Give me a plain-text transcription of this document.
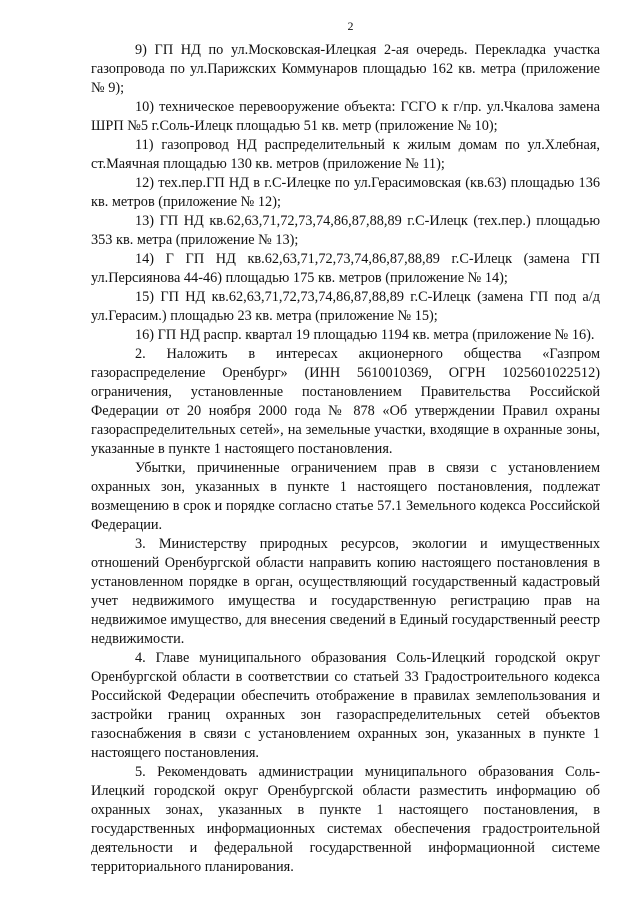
2

9) ГП НД по ул.Московская-Илецкая 2-ая очередь. Перекладка участка газопровода по ул.Парижских Коммунаров площадью 162 кв. метра (приложение № 9);

10) техническое перевооружение объекта: ГСГО к г/пр. ул.Чкалова замена ШРП №5 г.Соль-Илецк площадью 51 кв. метр (приложение № 10);

11) газопровод НД распределительный к жилым домам по ул.Хлебная, ст.Маячная площадью 130 кв. метров (приложение № 11);

12) тех.пер.ГП НД в г.С-Илецке по ул.Герасимовская (кв.63) площадью 136 кв. метров (приложение № 12);

13) ГП НД кв.62,63,71,72,73,74,86,87,88,89 г.С-Илецк (тех.пер.) площадью 353 кв. метра (приложение № 13);

14) Г ГП НД кв.62,63,71,72,73,74,86,87,88,89 г.С-Илецк (замена ГП ул.Персиянова 44-46) площадью 175 кв. метров (приложение № 14);

15) ГП НД кв.62,63,71,72,73,74,86,87,88,89 г.С-Илецк (замена ГП под а/д ул.Герасим.) площадью 23 кв. метра (приложение № 15);

16) ГП НД распр. квартал 19 площадью 1194 кв. метра (приложение № 16).

2. Наложить в интересах акционерного общества «Газпром газораспределение Оренбург» (ИНН 5610010369, ОГРН 1025601022512) ограничения, установленные постановлением Правительства Российской Федерации от 20 ноября 2000 года № 878 «Об утверждении Правил охраны газораспределительных сетей», на земельные участки, входящие в охранные зоны, указанные в пункте 1 настоящего постановления.

Убытки, причиненные ограничением прав в связи с установлением охранных зон, указанных в пункте 1 настоящего постановления, подлежат возмещению в срок и порядке согласно статье 57.1 Земельного кодекса Российской Федерации.

3. Министерству природных ресурсов, экологии и имущественных отношений Оренбургской области направить копию настоящего постановления в установленном порядке в орган, осуществляющий государственный кадастровый учет недвижимого имущества и государственную регистрацию прав на недвижимое имущество, для внесения сведений в Единый государственный реестр недвижимости.

4. Главе муниципального образования Соль-Илецкий городской округ Оренбургской области в соответствии со статьей 33 Градостроительного кодекса Российской Федерации обеспечить отображение в правилах землепользования и застройки границ охранных зон газораспределительных сетей объектов газоснабжения в связи с установлением охранных зон, указанных в пункте 1 настоящего постановления.

5. Рекомендовать администрации муниципального образования Соль-Илецкий городской округ Оренбургской области разместить информацию об охранных зонах, указанных в пункте 1 настоящего постановления, в государственных информационных системах обеспечения градостроительной деятельности и федеральной государственной информационной системе территориального планирования.
